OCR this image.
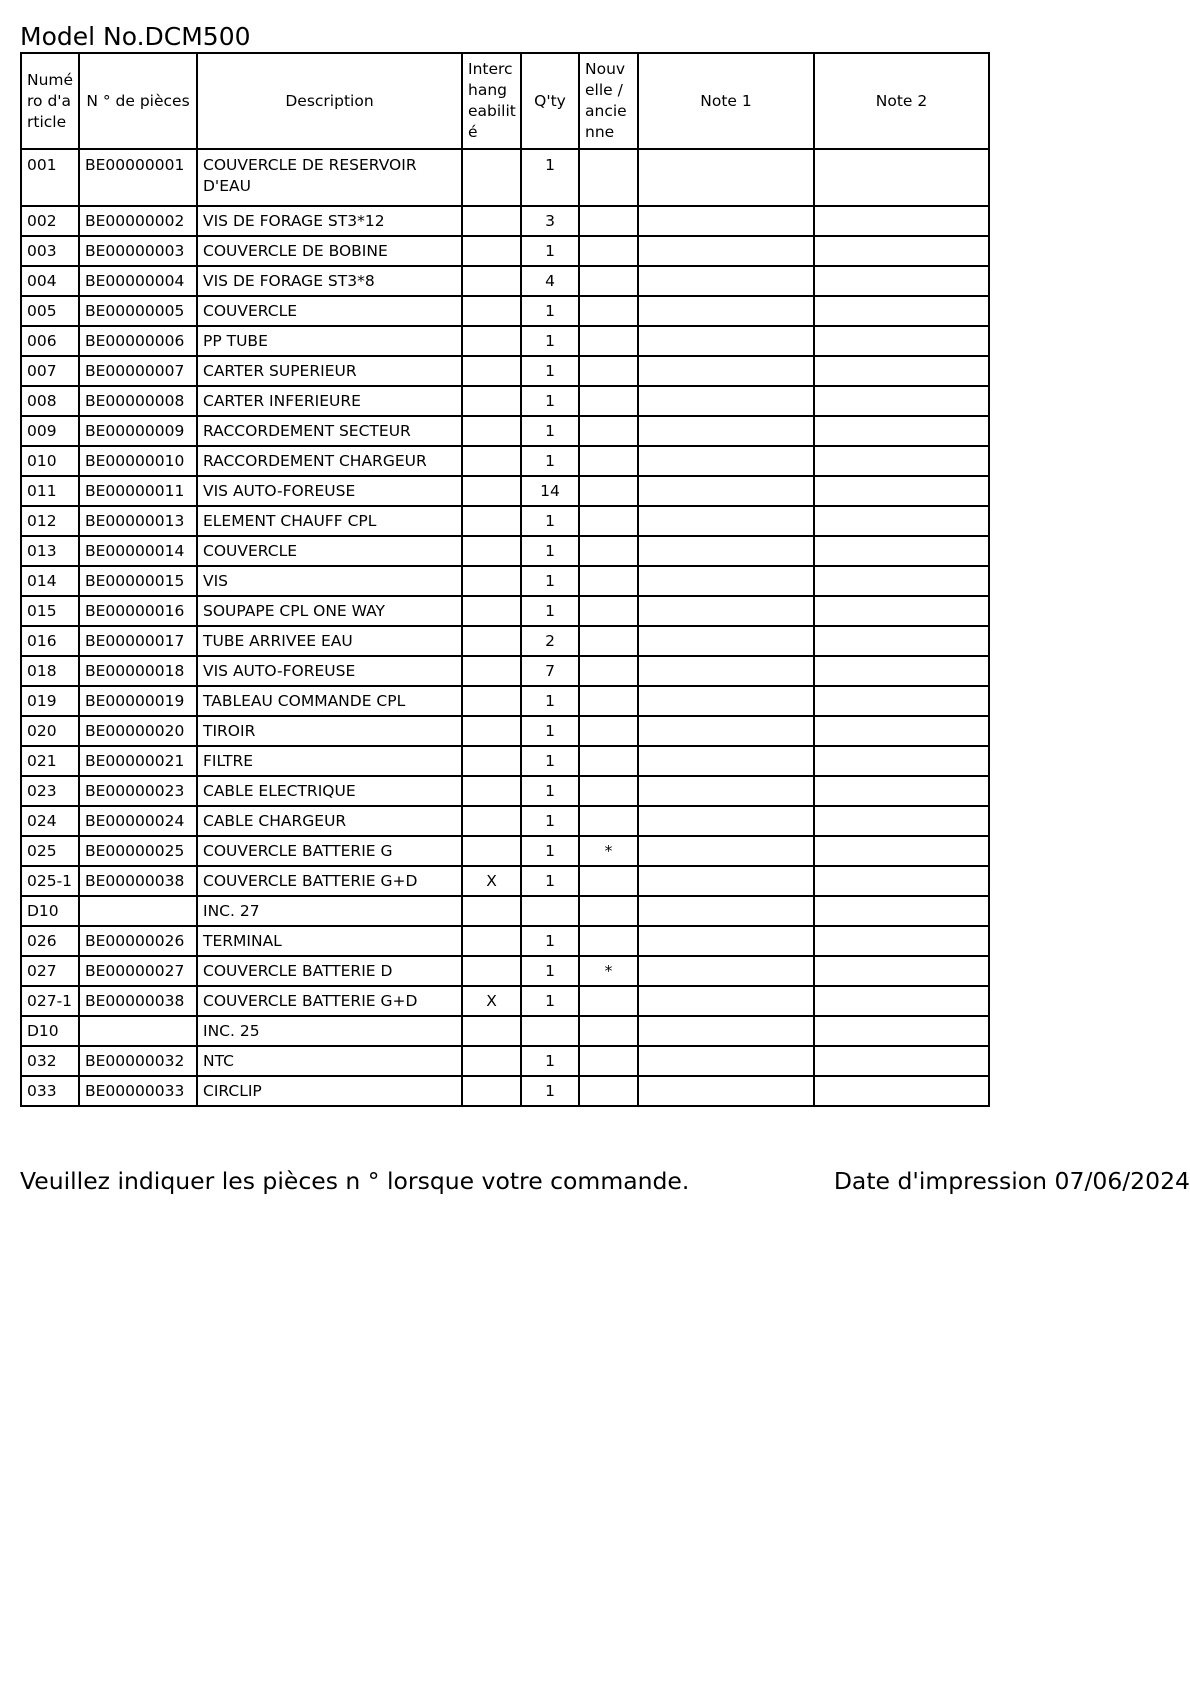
Model No.DCM500
Numé ro d'a rticle	N ° de pièces	Description	Interc hang eabilit é	Q'ty	Nouv elle / ancie nne	Note 1	Note 2
001	BE00000001	COUVERCLE DE RESERVOIR D'EAU		1			
002	BE00000002	VIS DE FORAGE ST3*12		3			
003	BE00000003	COUVERCLE DE BOBINE		1			
004	BE00000004	VIS DE FORAGE ST3*8		4			
005	BE00000005	COUVERCLE		1			
006	BE00000006	PP TUBE		1			
007	BE00000007	CARTER SUPERIEUR		1			
008	BE00000008	CARTER INFERIEURE		1			
009	BE00000009	RACCORDEMENT SECTEUR		1			
010	BE00000010	RACCORDEMENT CHARGEUR		1			
011	BE00000011	VIS AUTO-FOREUSE		14			
012	BE00000013	ELEMENT CHAUFF CPL		1			
013	BE00000014	COUVERCLE		1			
014	BE00000015	VIS		1			
015	BE00000016	SOUPAPE CPL ONE WAY		1			
016	BE00000017	TUBE ARRIVEE EAU		2			
018	BE00000018	VIS AUTO-FOREUSE		7			
019	BE00000019	TABLEAU COMMANDE CPL		1			
020	BE00000020	TIROIR		1			
021	BE00000021	FILTRE		1			
023	BE00000023	CABLE ELECTRIQUE		1			
024	BE00000024	CABLE CHARGEUR		1			
025	BE00000025	COUVERCLE BATTERIE G		1	*		
025-1	BE00000038	COUVERCLE BATTERIE G+D	X	1			
D10		INC. 27					
026	BE00000026	TERMINAL		1			
027	BE00000027	COUVERCLE BATTERIE D		1	*		
027-1	BE00000038	COUVERCLE BATTERIE G+D	X	1			
D10		INC. 25					
032	BE00000032	NTC		1			
033	BE00000033	CIRCLIP		1			
Veuillez indiquer les pièces n ° lorsque votre commande.	Date d'impression 07/06/2024
